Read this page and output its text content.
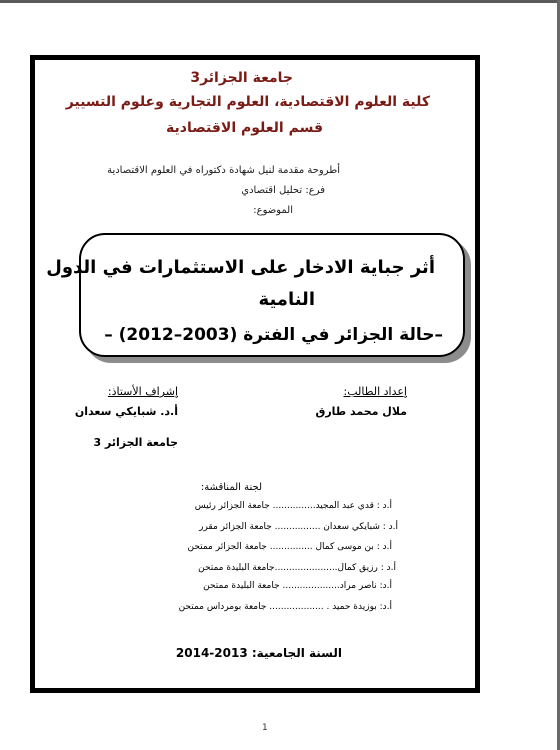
جامعة الجزائر3
كلية العلوم الاقتصادية، العلوم التجارية وعلوم التسيير
قسم العلوم الاقتصادية
أطروحة مقدمة لنيل شهادة دكتوراه في العلوم الاقتصادية
فرع: تحليل اقتصادي
الموضوع:
أثر جباية الادخار على الاستثمارات في الدول
النامية
–حالة الجزائر في الفترة (2003–2012) –
إعداد الطالب:
ملال محمد طارق
إشراف الأستاذ:
أ.د. شبايكي سعدان
جامعة الجزائر 3
لجنة المناقشة:
أ.د : قدي عبد المجيد............... جامعة الجزائر رئيس
أ.د : شبايكي سعدان ................ جامعة الجزائر مقرر
أ.د : بن موسى كمال ............... جامعة الجزائر ممتحن
أ.د : رزيق كمال......................جامعة البليدة ممتحن
أ.د: ناصر مراد.................... جامعة البليدة ممتحن
أ.د: بوزيدة حميد . ................... جامعة بومرداس ممتحن
السنة الجامعية: 2013-2014
1
